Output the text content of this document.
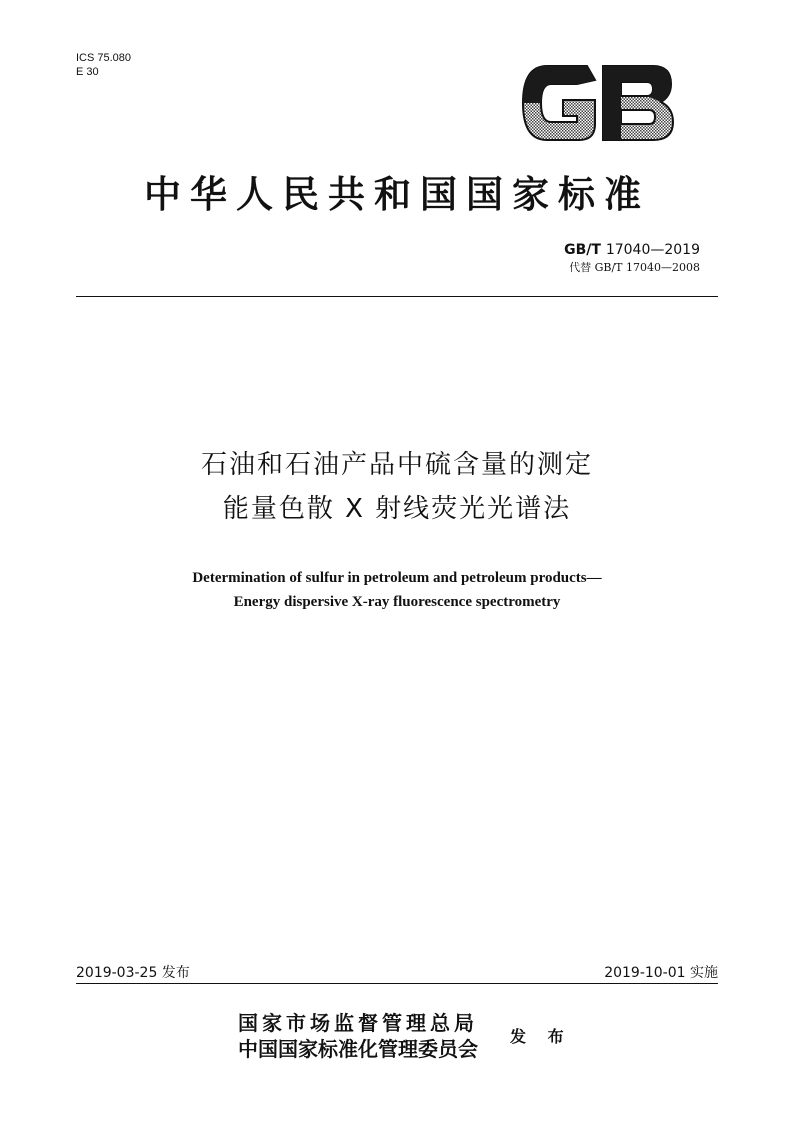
ICS 75.080
E 30
中华人民共和国国家标准
GB/T 17040—2019
代替 GB/T 17040—2008
石油和石油产品中硫含量的测定
能量色散 X 射线荧光光谱法
Determination of sulfur in petroleum and petroleum products—
Energy dispersive X-ray fluorescence spectrometry
2019-03-25 发布	2019-10-01 实施
国家市场监督管理总局
中国国家标准化管理委员会
发 布
